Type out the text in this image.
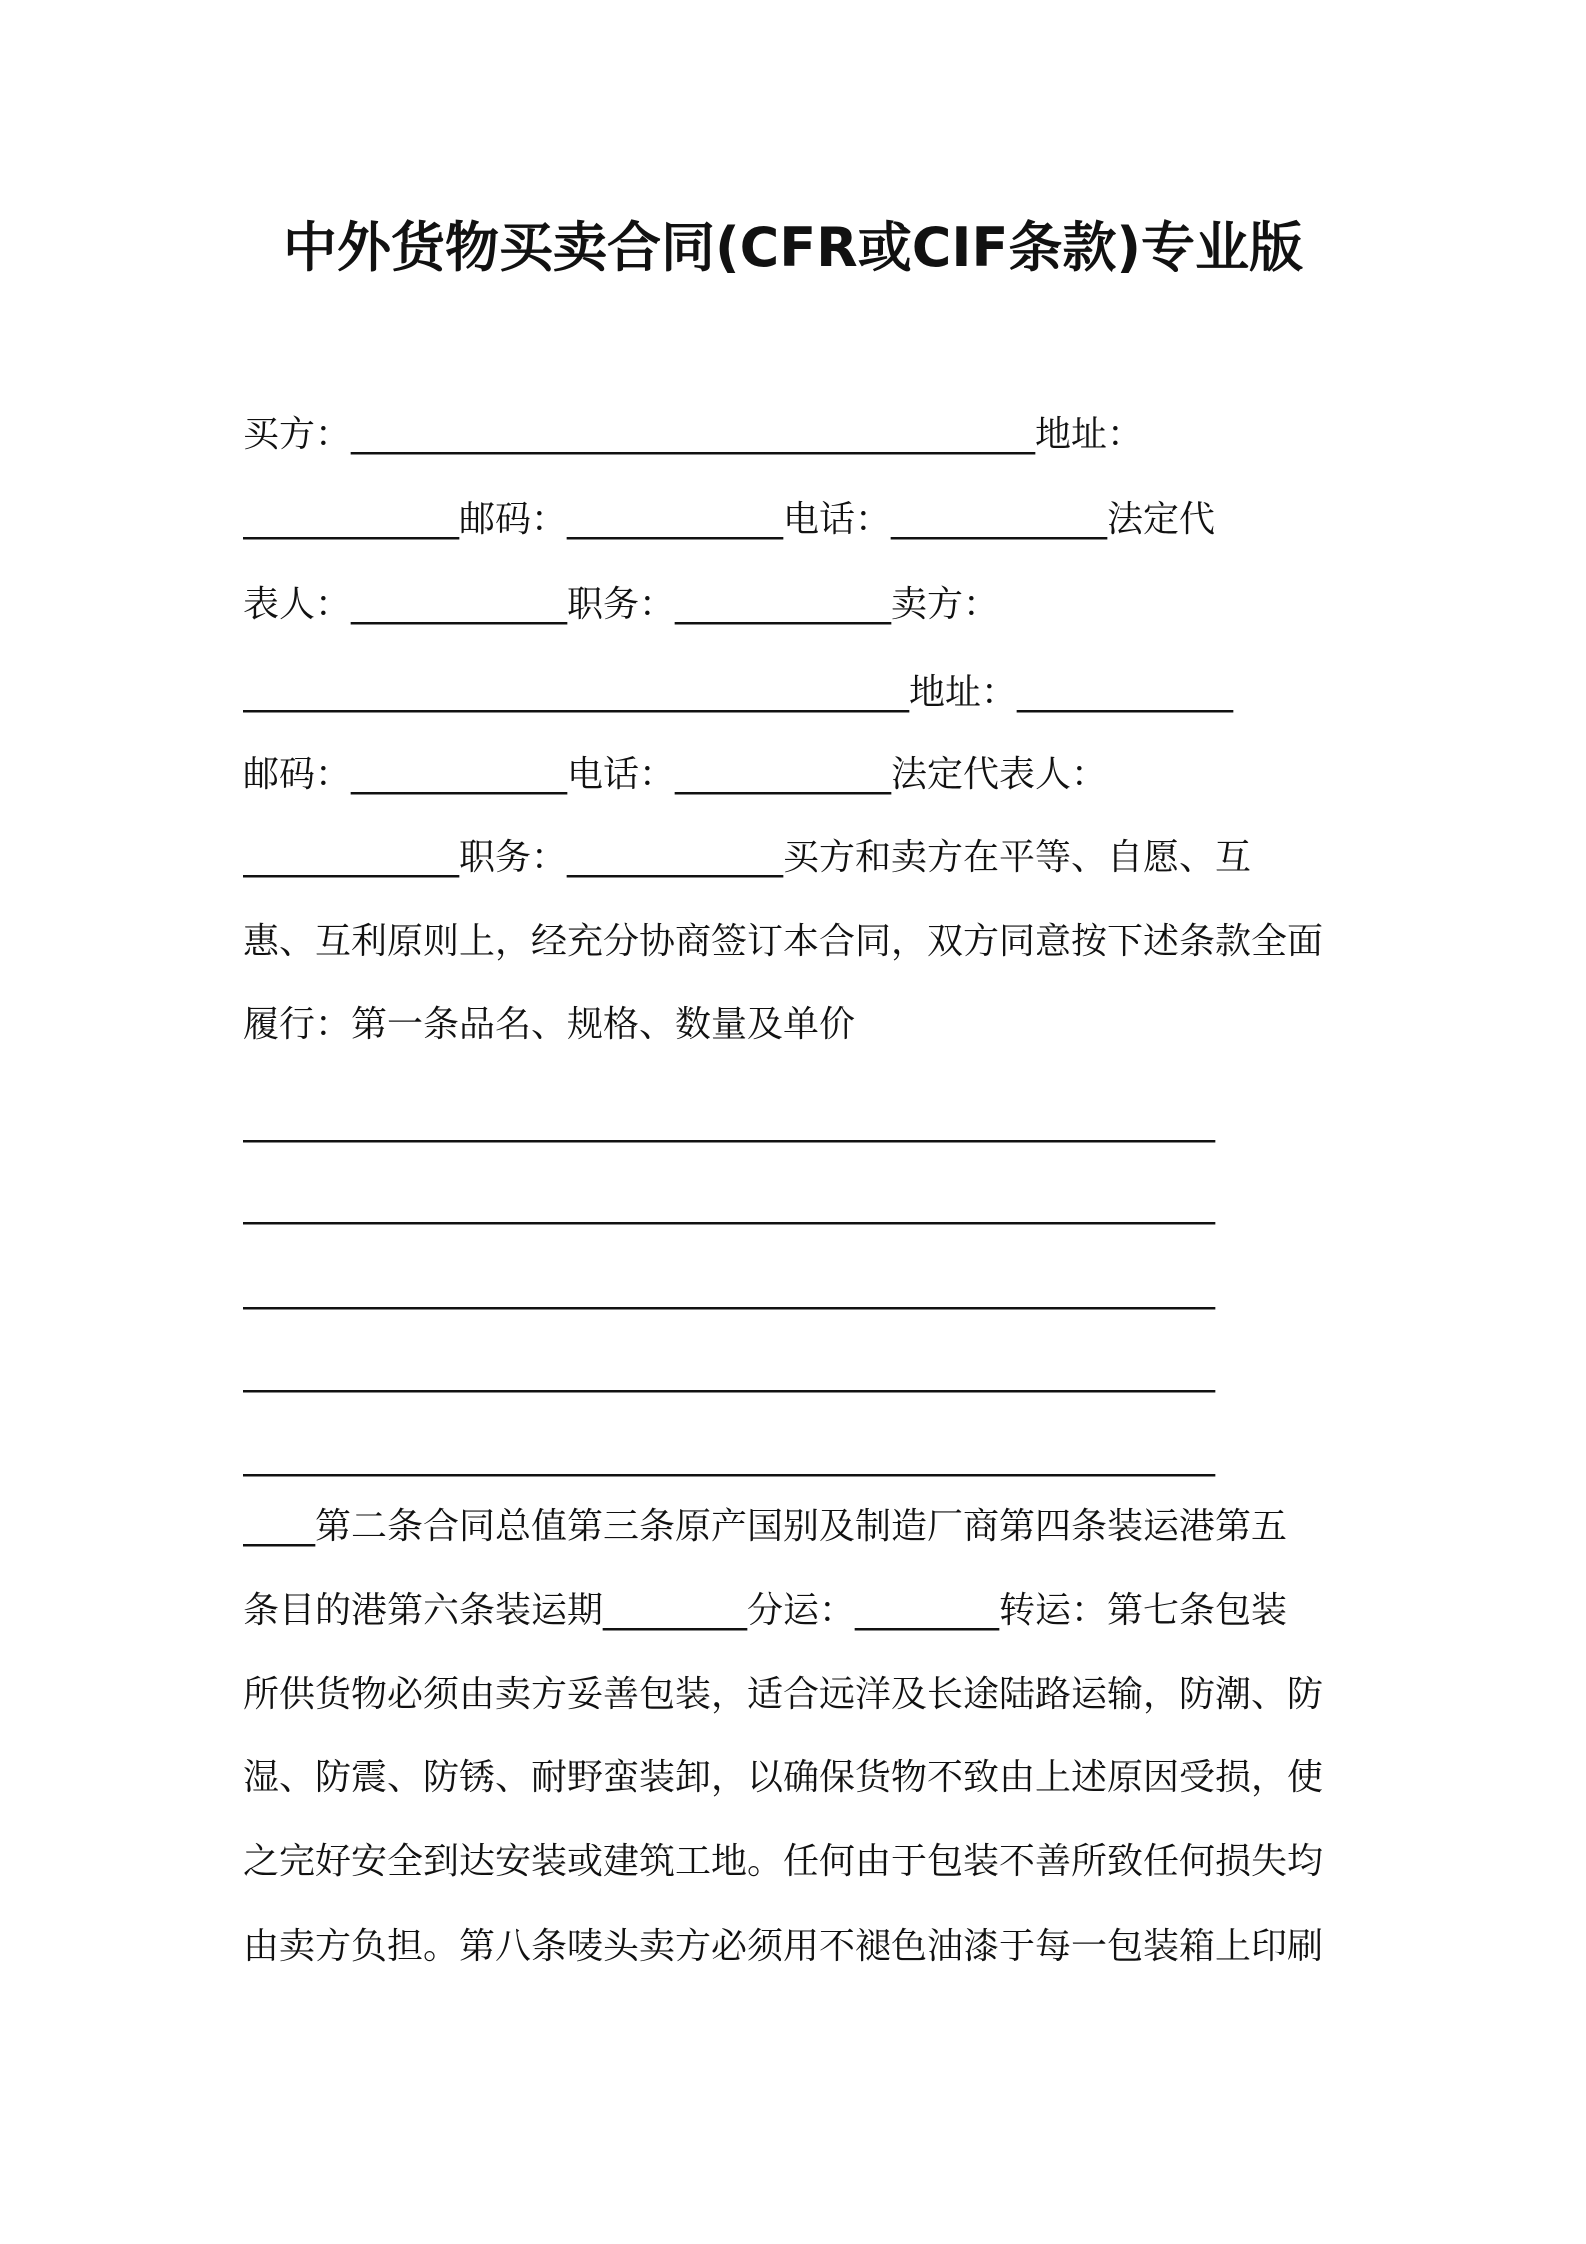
中外货物买卖合同(CFR或CIF条款)专业版
买方：______________________________________地址：
____________邮码：____________电话：____________法定代
表人：____________职务：____________卖方：
_____________________________________地址：____________
邮码：____________电话：____________法定代表人：
____________职务：____________买方和卖方在平等、自愿、互
惠、互利原则上，经充分协商签订本合同，双方同意按下述条款全面
履行：第一条品名、规格、数量及单价
______________________________________________________
______________________________________________________
______________________________________________________
______________________________________________________
______________________________________________________
____第二条合同总值第三条原产国别及制造厂商第四条装运港第五
条目的港第六条装运期________分运：________转运：第七条包装
所供货物必须由卖方妥善包装，适合远洋及长途陆路运输，防潮、防
湿、防震、防锈、耐野蛮装卸，以确保货物不致由上述原因受损，使
之完好安全到达安装或建筑工地。任何由于包装不善所致任何损失均
由卖方负担。第八条唛头卖方必须用不褪色油漆于每一包装箱上印刷
